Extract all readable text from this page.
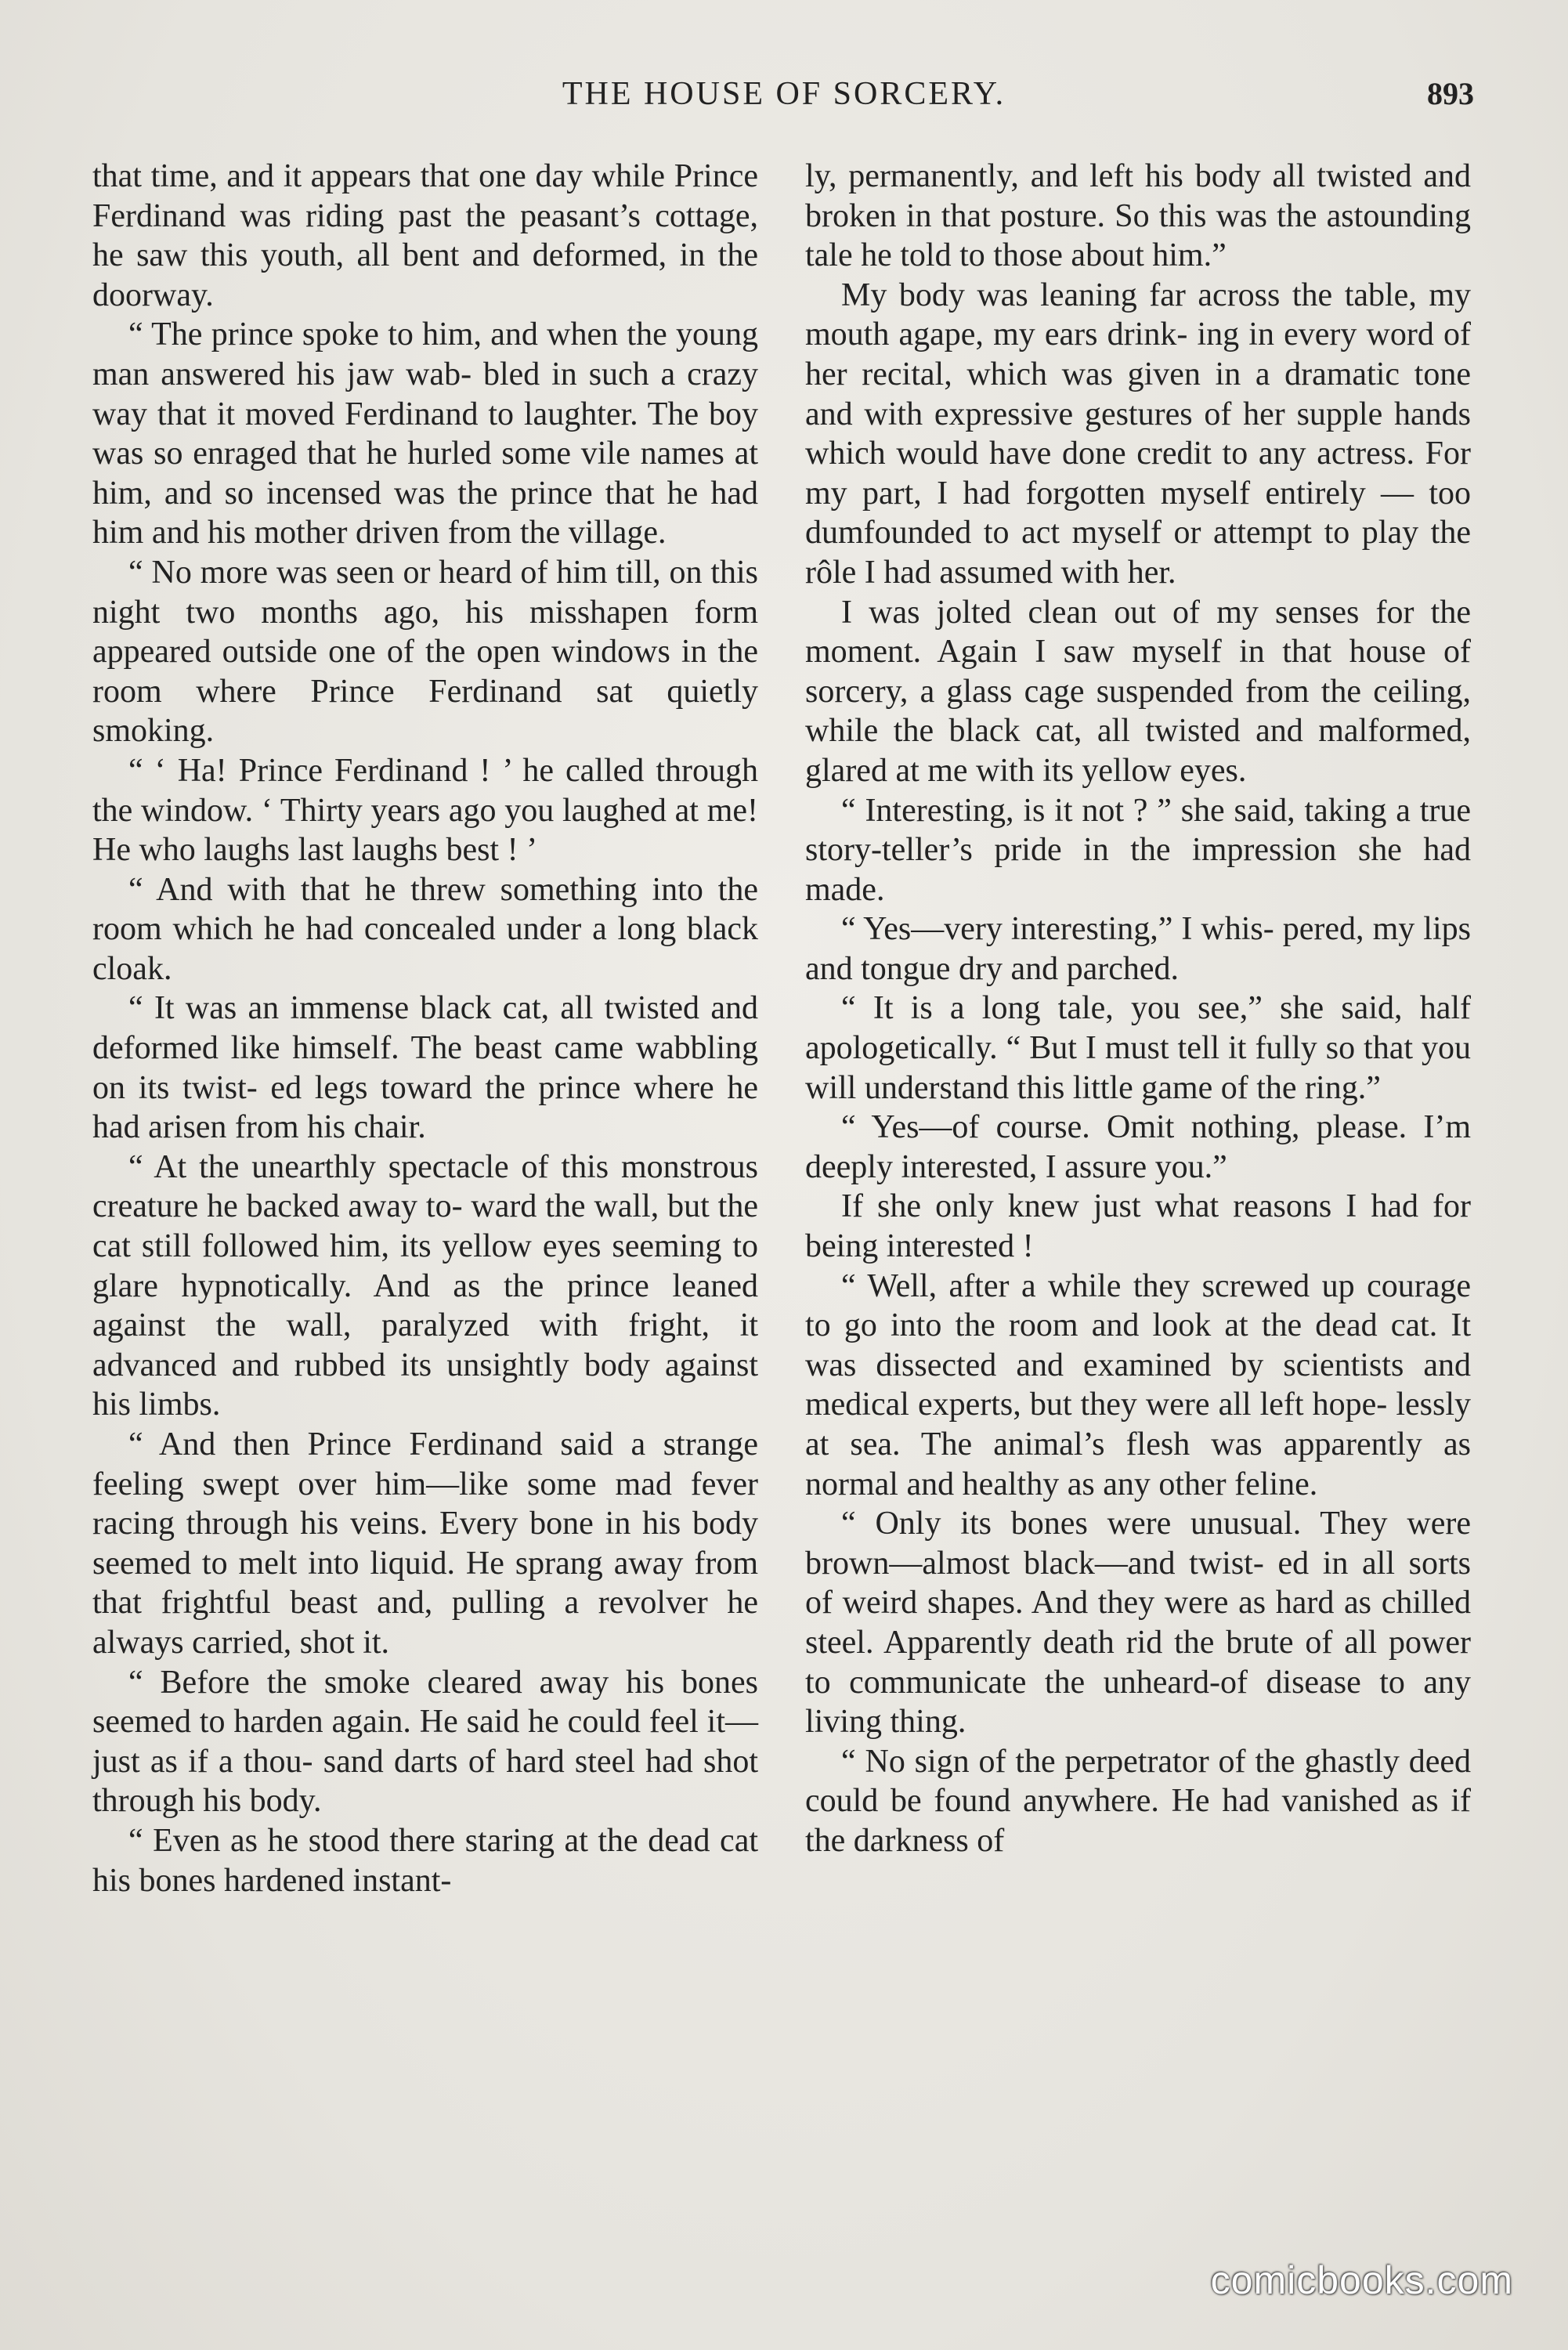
THE HOUSE OF SORCERY.	893

that time, and it appears that one day while Prince Ferdinand was riding past the peasant’s cottage, he saw this youth, all bent and deformed, in the doorway.

“ The prince spoke to him, and when the young man answered his jaw wab- bled in such a crazy way that it moved Ferdinand to laughter. The boy was so enraged that he hurled some vile names at him, and so incensed was the prince that he had him and his mother driven from the village.

“ No more was seen or heard of him till, on this night two months ago, his misshapen form appeared outside one of the open windows in the room where Prince Ferdinand sat quietly smoking.

“ ‘ Ha! Prince Ferdinand ! ’ he called through the window. ‘ Thirty years ago you laughed at me! He who laughs last laughs best ! ’

“ And with that he threw something into the room which he had concealed under a long black cloak.

“ It was an immense black cat, all twisted and deformed like himself. The beast came wabbling on its twist- ed legs toward the prince where he had arisen from his chair.

“ At the unearthly spectacle of this monstrous creature he backed away to- ward the wall, but the cat still followed him, its yellow eyes seeming to glare hypnotically. And as the prince leaned against the wall, paralyzed with fright, it advanced and rubbed its unsightly body against his limbs.

“ And then Prince Ferdinand said a strange feeling swept over him—like some mad fever racing through his veins. Every bone in his body seemed to melt into liquid. He sprang away from that frightful beast and, pulling a revolver he always carried, shot it.

“ Before the smoke cleared away his bones seemed to harden again. He said he could feel it—just as if a thou- sand darts of hard steel had shot through his body.

“ Even as he stood there staring at the dead cat his bones hardened instant-

ly, permanently, and left his body all twisted and broken in that posture. So this was the astounding tale he told to those about him.”

My body was leaning far across the table, my mouth agape, my ears drink- ing in every word of her recital, which was given in a dramatic tone and with expressive gestures of her supple hands which would have done credit to any actress. For my part, I had forgotten myself entirely — too dumfounded to act myself or attempt to play the rôle I had assumed with her.

I was jolted clean out of my senses for the moment. Again I saw myself in that house of sorcery, a glass cage suspended from the ceiling, while the black cat, all twisted and malformed, glared at me with its yellow eyes.

“ Interesting, is it not ? ” she said, taking a true story-teller’s pride in the impression she had made.

“ Yes—very interesting,” I whis- pered, my lips and tongue dry and parched.

“ It is a long tale, you see,” she said, half apologetically. “ But I must tell it fully so that you will understand this little game of the ring.”

“ Yes—of course. Omit nothing, please. I’m deeply interested, I assure you.”

If she only knew just what reasons I had for being interested !

“ Well, after a while they screwed up courage to go into the room and look at the dead cat. It was dissected and examined by scientists and medical experts, but they were all left hope- lessly at sea. The animal’s flesh was apparently as normal and healthy as any other feline.

“ Only its bones were unusual. They were brown—almost black—and twist- ed in all sorts of weird shapes. And they were as hard as chilled steel. Apparently death rid the brute of all power to communicate the unheard-of disease to any living thing.

“ No sign of the perpetrator of the ghastly deed could be found anywhere. He had vanished as if the darkness of

comicbooks.com
